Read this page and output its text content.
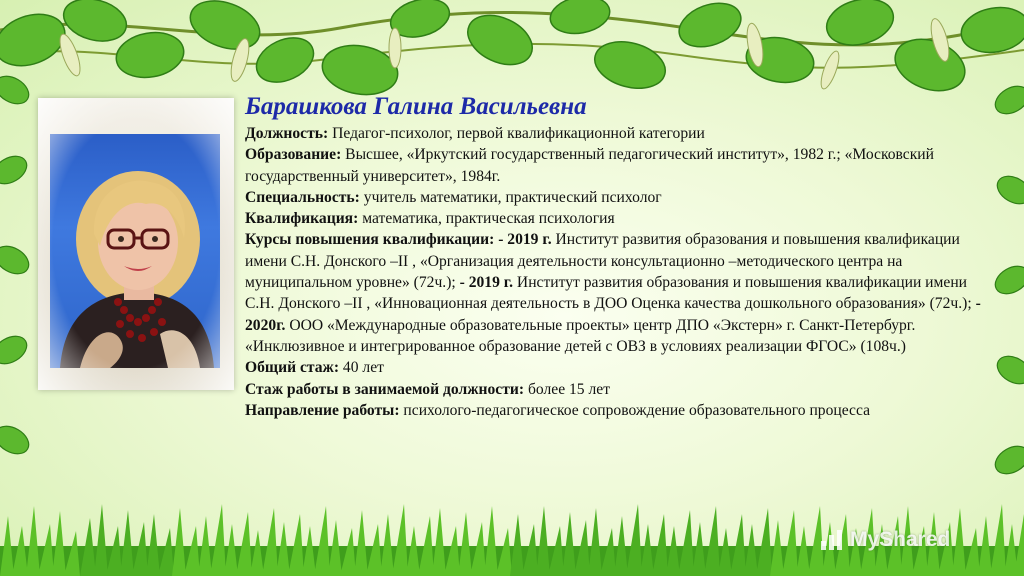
Барашкова Галина Васильевна

Должность: Педагог-психолог, первой квалификационной категории

Образование: Высшее, «Иркутский государственный педагогический институт», 1982 г.; «Московский государственный университет», 1984г.

Специальность: учитель математики, практический психолог

Квалификация: математика, практическая психология

Курсы повышения квалификации: - 2019 г. Институт развития образования и повышения квалификации имени С.Н. Донского –II , «Организация деятельности консультационно –методического центра на муниципальном уровне» (72ч.); - 2019 г. Институт развития образования и повышения квалификации имени С.Н. Донского –II , «Инновационная деятельность в ДОО Оценка качества дошкольного образования» (72ч.); - 2020г. ООО «Международные образовательные проекты» центр ДПО «Экстерн» г. Санкт-Петербург. «Инклюзивное и интегрированное образование детей с ОВЗ в условиях реализации ФГОС» (108ч.)

Общий стаж: 40 лет

Стаж работы в занимаемой должности: более 15 лет

Направление работы: психолого-педагогическое сопровождение образовательного процесса

MyShared
